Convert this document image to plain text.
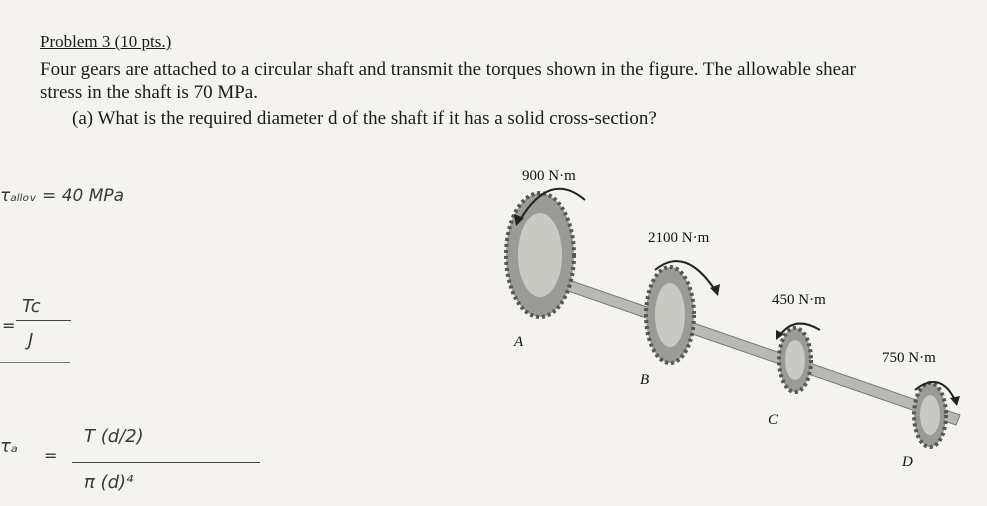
Problem 3 (10 pts.)
Four gears are attached to a circular shaft and transmit the torques shown in the figure. The allowable shear stress in the shaft is 70 MPa.
(a) What is the required diameter d of the shaft if it has a solid cross-section?
τₐₗₗₒᵥ = 40 MPa
Tc
=
J
τₐ =
T (d/2)
π (d)⁴
900 N·m
2100 N·m
450 N·m
750 N·m
A
B
C
D
